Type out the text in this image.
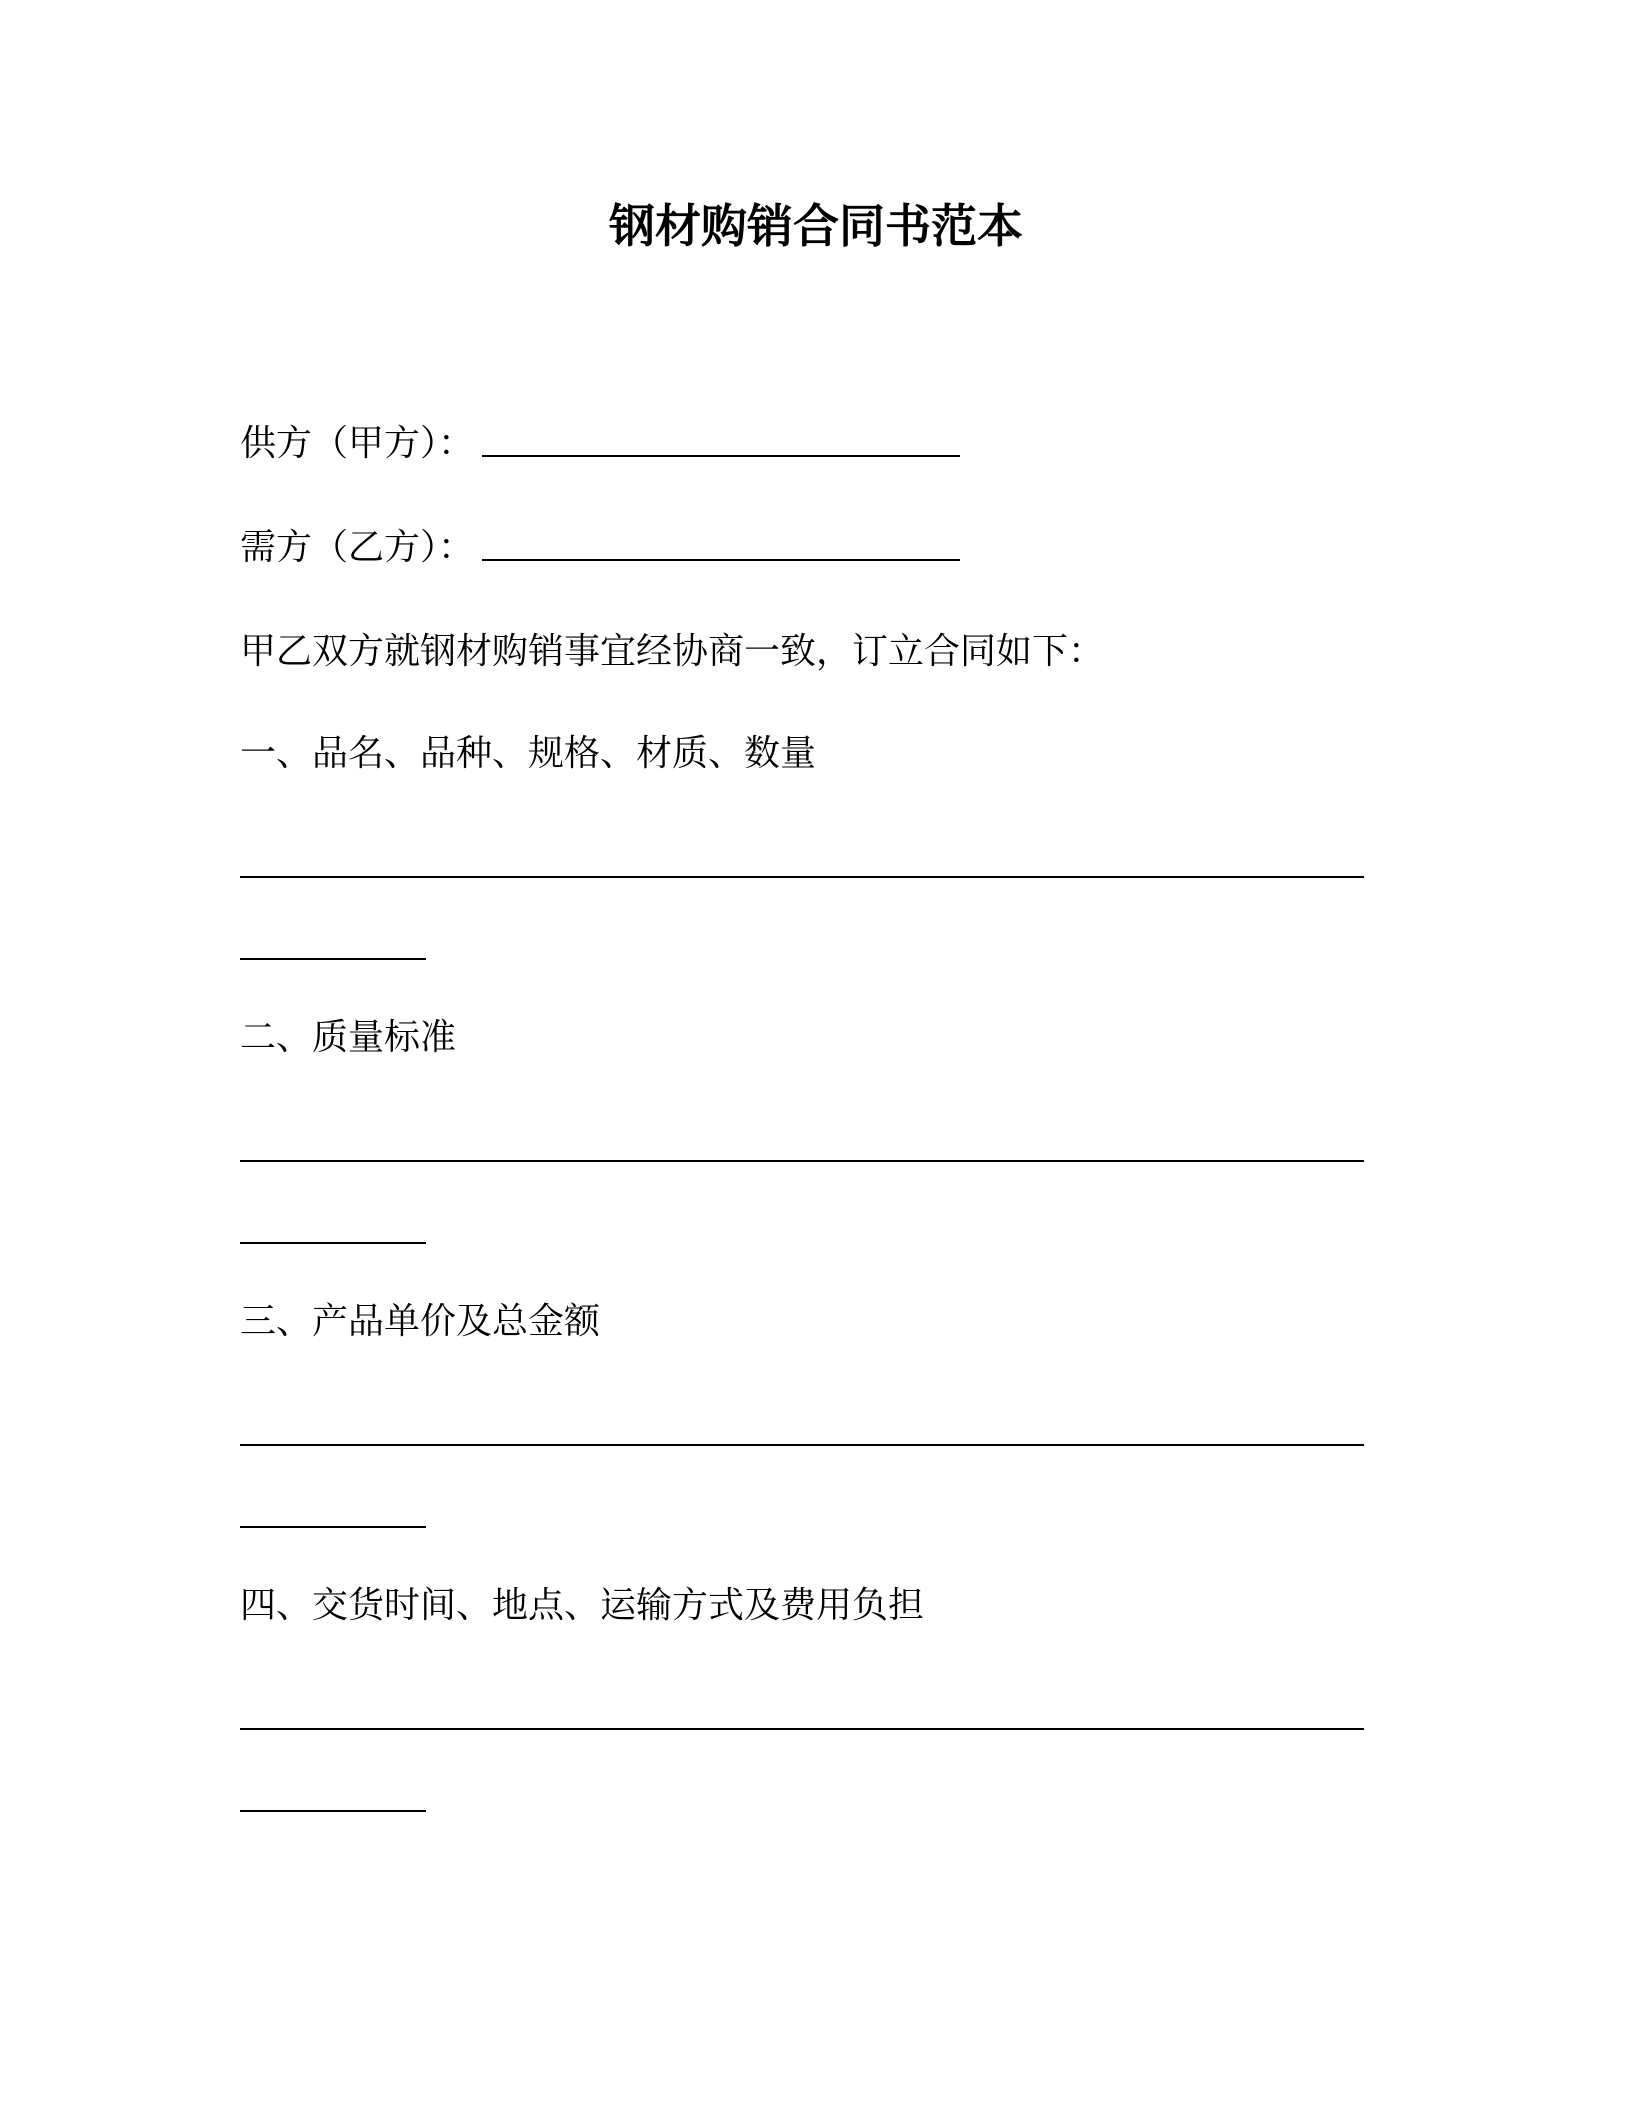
钢材购销合同书范本
供方（甲方）：
需方（乙方）：
甲乙双方就钢材购销事宜经协商一致，订立合同如下：
一、品名、品种、规格、材质、数量
二、质量标准
三、产品单价及总金额
四、交货时间、地点、运输方式及费用负担
